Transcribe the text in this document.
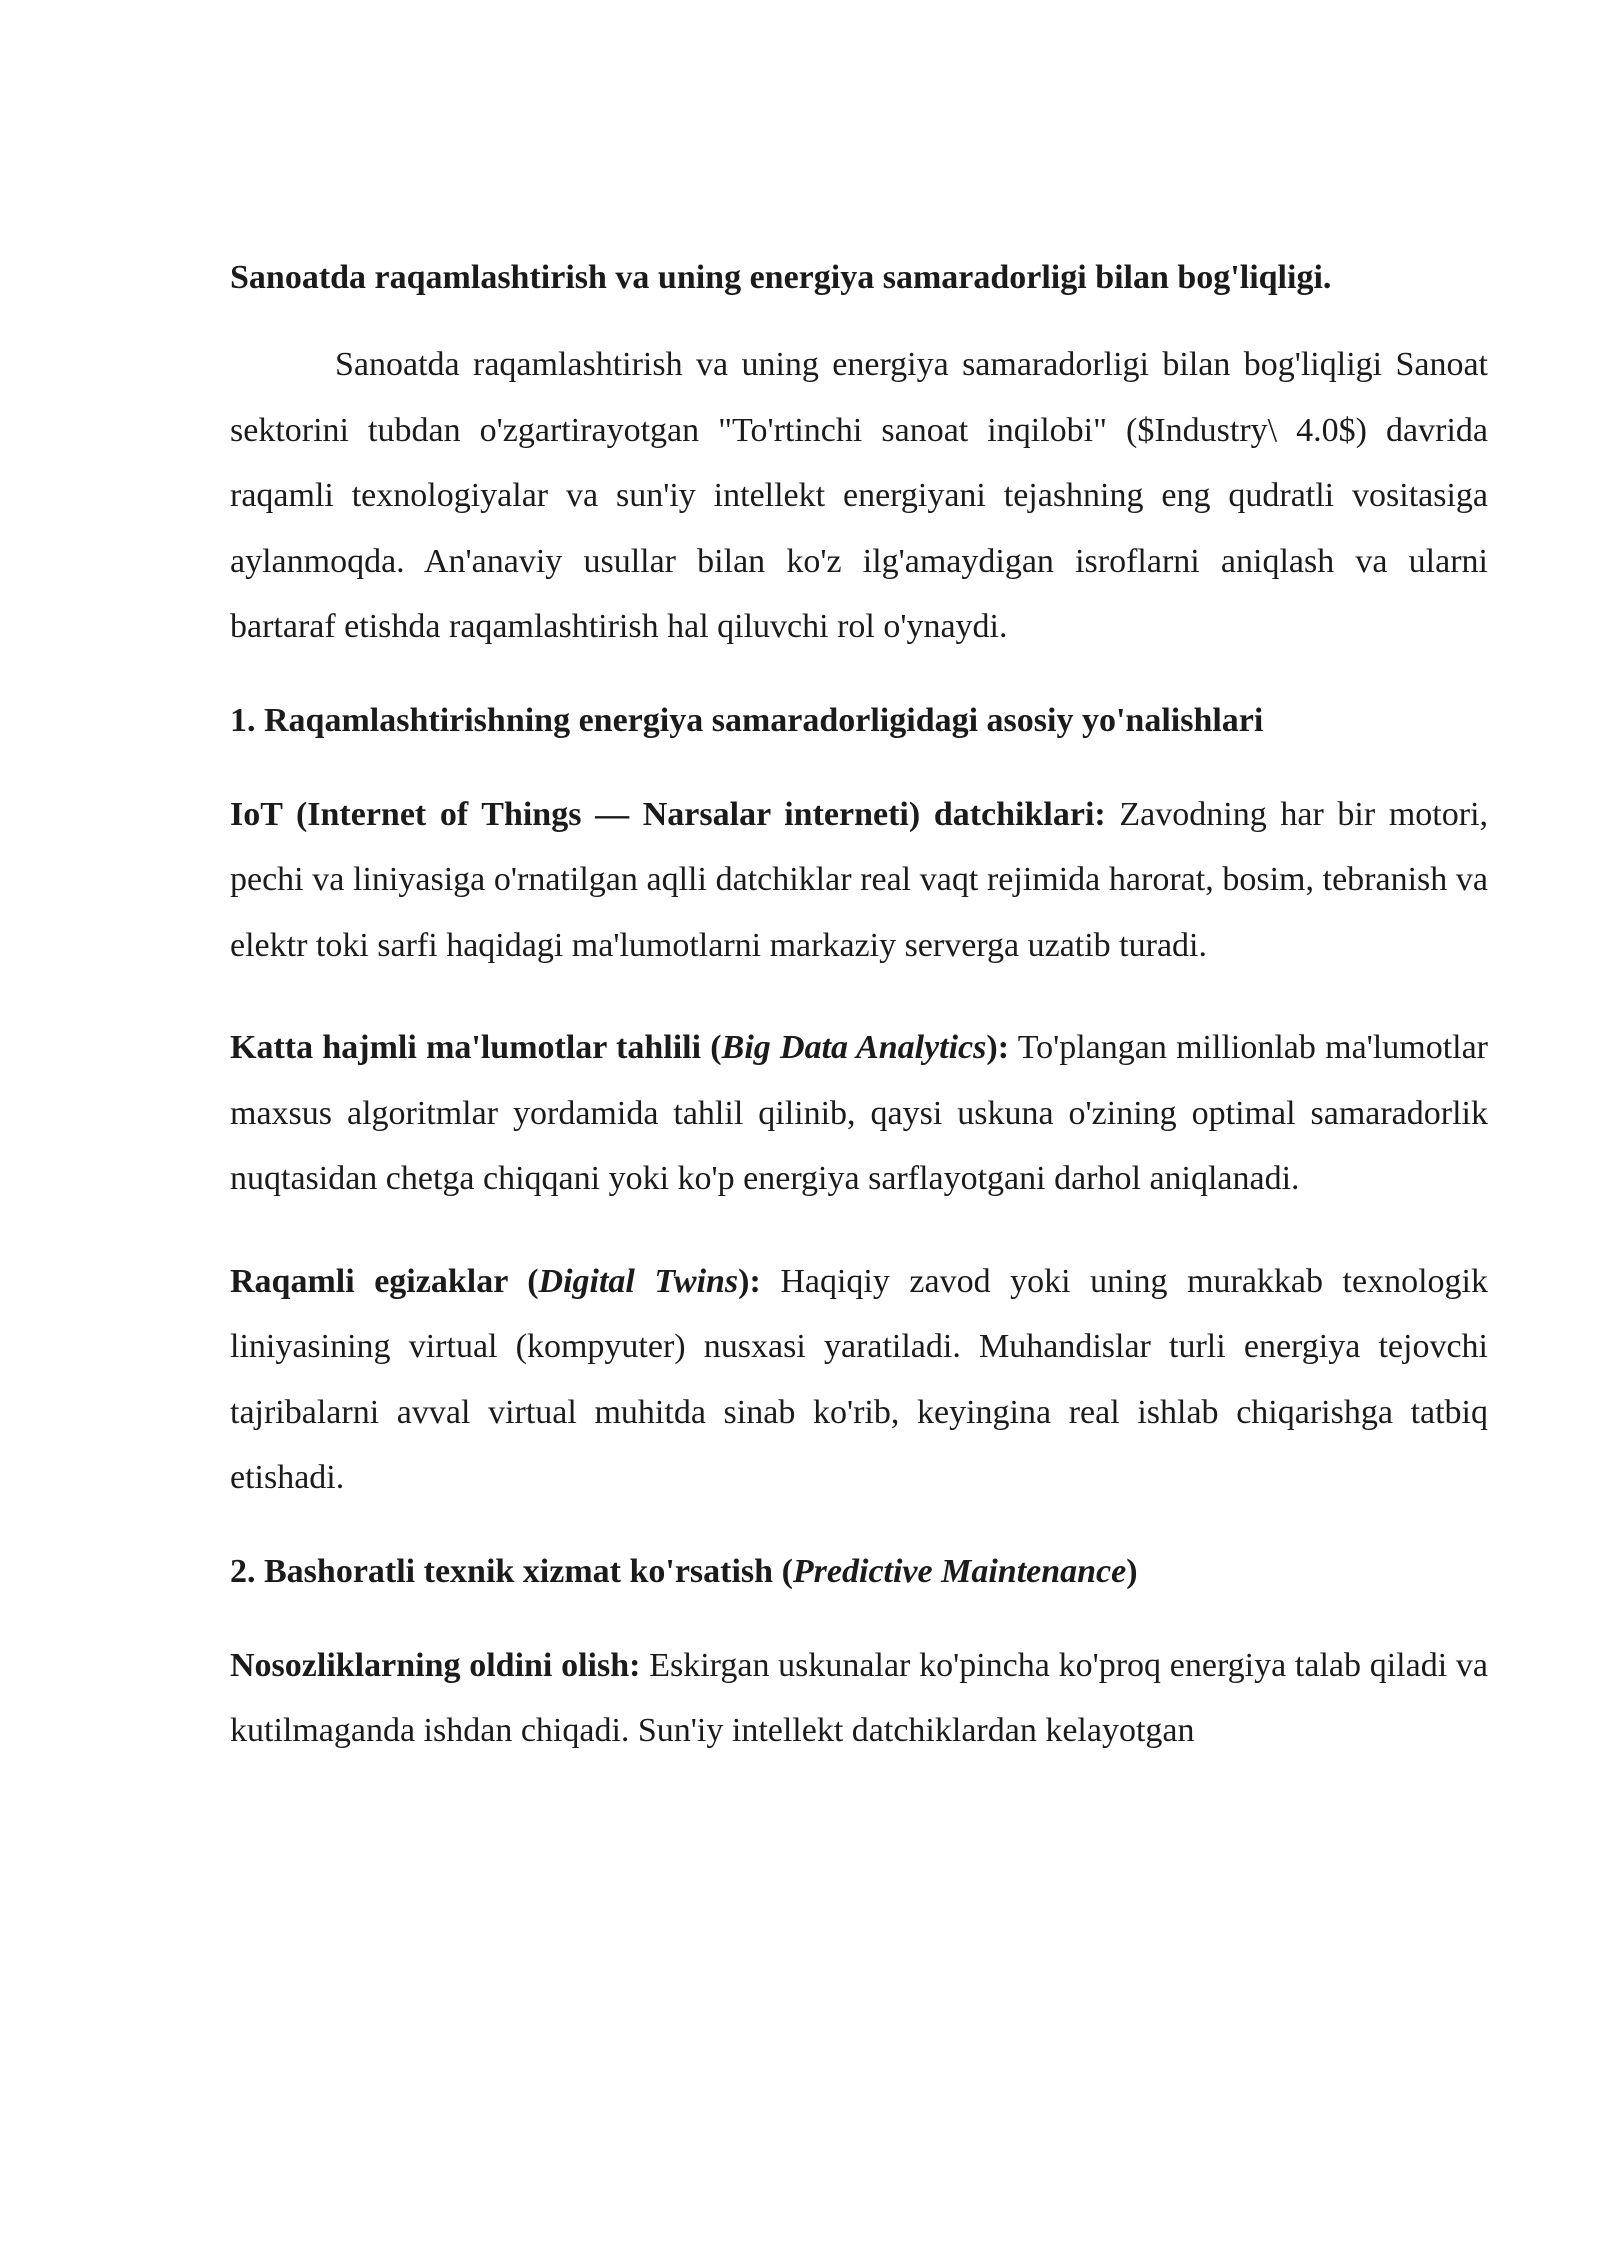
Sanoatda raqamlashtirish va uning energiya samaradorligi bilan bog'liqligi.

Sanoatda raqamlashtirish va uning energiya samaradorligi bilan bog'liqligi Sanoat sektorini tubdan o'zgartirayotgan "To'rtinchi sanoat inqilobi" ($Industry\ 4.0$) davrida raqamli texnologiyalar va sun'iy intellekt energiyani tejashning eng qudratli vositasiga aylanmoqda. An'anaviy usullar bilan ko'z ilg'amaydigan isroflarni aniqlash va ularni bartaraf etishda raqamlashtirish hal qiluvchi rol o'ynaydi.

1. Raqamlashtirishning energiya samaradorligidagi asosiy yo'nalishlari

IoT (Internet of Things — Narsalar interneti) datchiklari: Zavodning har bir motori, pechi va liniyasiga o'rnatilgan aqlli datchiklar real vaqt rejimida harorat, bosim, tebranish va elektr toki sarfi haqidagi ma'lumotlarni markaziy serverga uzatib turadi.

Katta hajmli ma'lumotlar tahlili (Big Data Analytics): To'plangan millionlab ma'lumotlar maxsus algoritmlar yordamida tahlil qilinib, qaysi uskuna o'zining optimal samaradorlik nuqtasidan chetga chiqqani yoki ko'p energiya sarflayotgani darhol aniqlanadi.

Raqamli egizaklar (Digital Twins): Haqiqiy zavod yoki uning murakkab texnologik liniyasining virtual (kompyuter) nusxasi yaratiladi. Muhandislar turli energiya tejovchi tajribalarni avval virtual muhitda sinab ko'rib, keyingina real ishlab chiqarishga tatbiq etishadi.

2. Bashoratli texnik xizmat ko'rsatish (Predictive Maintenance)

Nosozliklarning oldini olish: Eskirgan uskunalar ko'pincha ko'proq energiya talab qiladi va kutilmaganda ishdan chiqadi. Sun'iy intellekt datchiklardan kelayotgan
